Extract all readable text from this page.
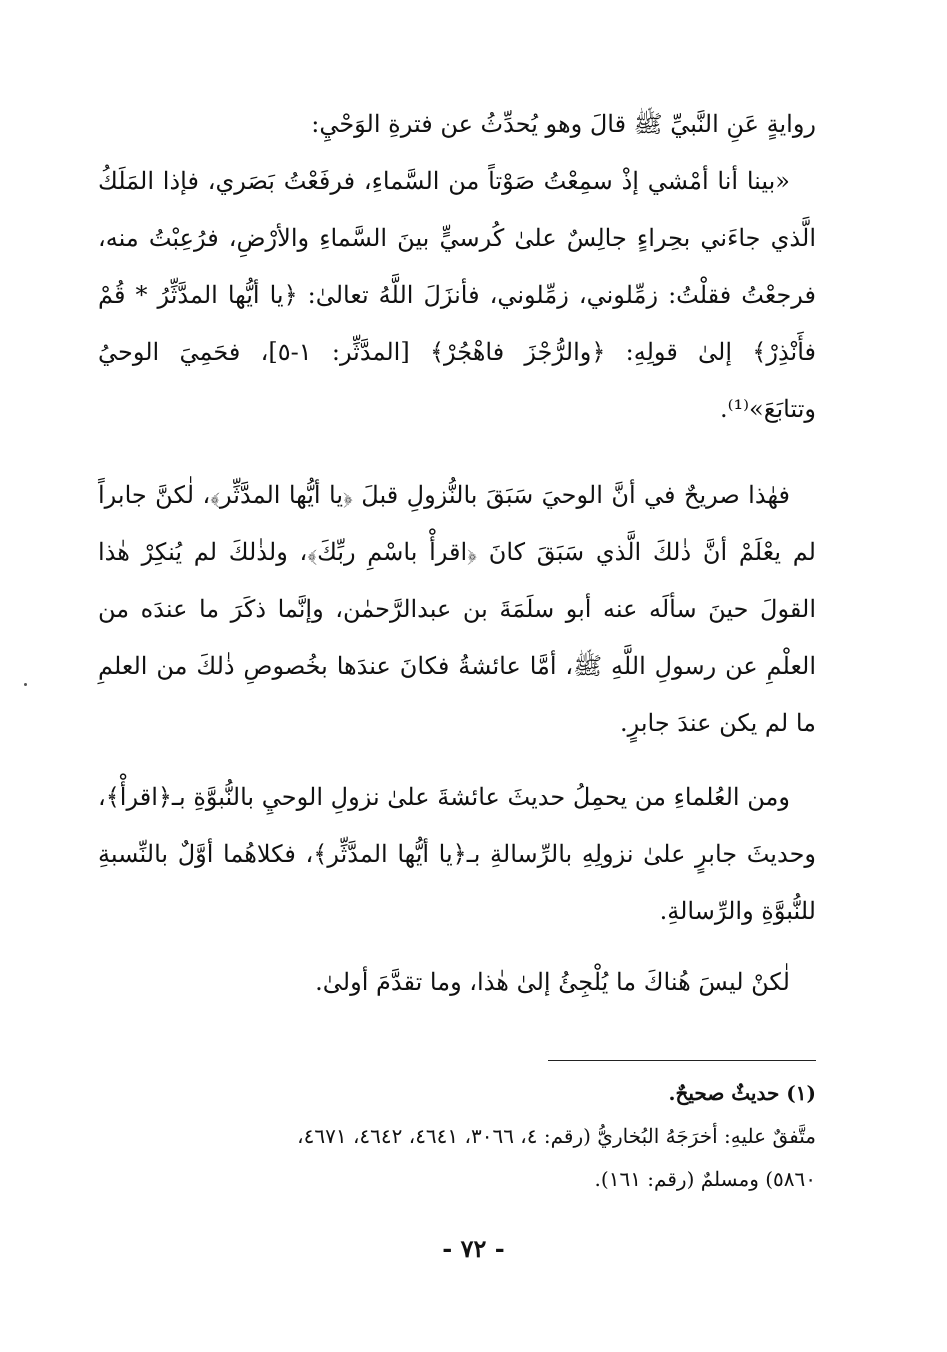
روايةٍ عَنِ النَّبيِّ ﷺ قالَ وهو يُحدِّثُ عن فترةِ الوَحْيِ:

«بينا أنا أمْشي إذْ سمِعْتُ صَوْتاً من السَّماءِ، فرفَعْتُ بَصَري، فإذا المَلَكُ الَّذي جاءَني بحِراءٍ جالِسٌ علىٰ كُرسيٍّ بينَ السَّماءِ والأرْضِ، فرُعِبْتُ منه، فرجعْتُ فقلْتُ: زمِّلوني، زمِّلوني، فأنزَلَ اللَّهُ تعالىٰ: ﴿يا أيُّها المدَّثِّرُ * قُمْ فأَنْذِرْ﴾ إلىٰ قولِهِ: ﴿والرُّجْزَ فاهْجُرْ﴾ [المدَّثِّر: ١-٥]، فحَمِيَ الوحيُ وتتابَعَ»⁽¹⁾.

فهٰذا صريحٌ في أنَّ الوحيَ سَبَقَ بالنُّزولِ قبلَ ﴿يا أيُّها المدَّثِّر﴾، لٰكنَّ جابراً لم يعْلَمْ أنَّ ذٰلكَ الَّذي سَبَقَ كانَ ﴿اقرأْ باسْمِ ربِّكَ﴾، ولذٰلكَ لم يُنكِرْ هٰذا القولَ حينَ سألَه عنه أبو سلَمَةَ بن عبدالرَّحمٰن، وإنَّما ذكَرَ ما عندَه من العلْمِ عن رسولِ اللَّهِ ﷺ، أمَّا عائشةُ فكانَ عندَها بخُصوصِ ذٰلكَ من العلمِ ما لم يكن عندَ جابرٍ.

ومن العُلماءِ من يحمِلُ حديثَ عائشةَ علىٰ نزولِ الوحيِ بالنُّبوَّةِ بـ﴿اقرأْ﴾، وحديثَ جابرٍ علىٰ نزولِهِ بالرِّسالةِ بـ﴿يا أيُّها المدَّثِّر﴾، فكلاهُما أوَّلٌ بالنِّسبةِ للنُّبوَّةِ والرِّسالةِ.

لٰكنْ ليسَ هُناكَ ما يُلْجِئُ إلىٰ هٰذا، وما تقدَّمَ أولىٰ.

(١) حديثٌ صحيحٌ.

متَّفقٌ عليهِ: أخرَجَهُ البُخاريُّ (رقم: ٤، ٣٠٦٦، ٤٦٤١، ٤٦٤٢، ٤٦٧١،

٥٨٦٠) ومسلمٌ (رقم: ١٦١).

- ٧٢ -
